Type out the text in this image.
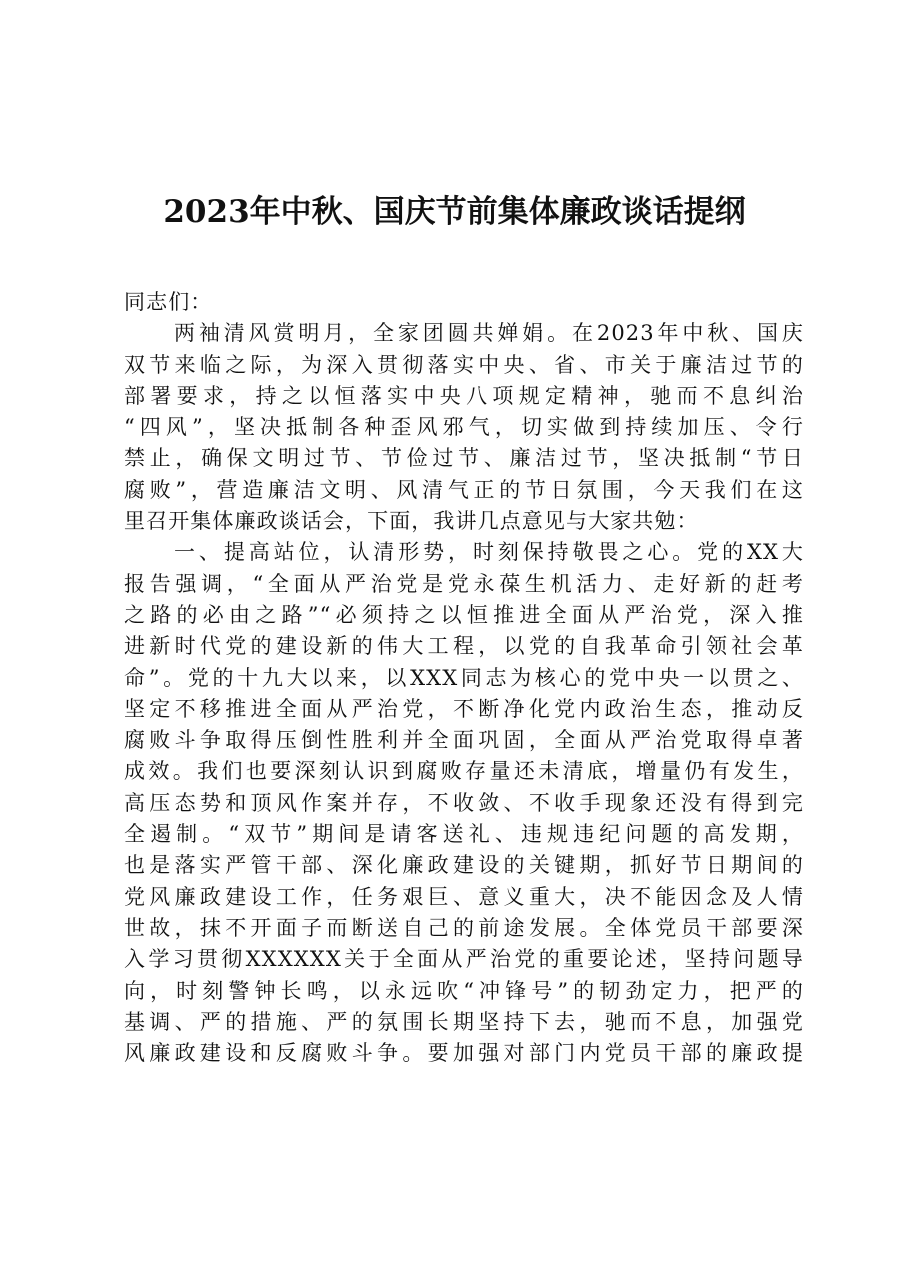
2023年中秋、国庆节前集体廉政谈话提纲
同志们：
两袖清风赏明月，全家团圆共婵娟。在2023年中秋、国庆
双节来临之际，为深入贯彻落实中央、省、市关于廉洁过节的
部署要求，持之以恒落实中央八项规定精神，驰而不息纠治
“四风”，坚决抵制各种歪风邪气，切实做到持续加压、令行
禁止，确保文明过节、节俭过节、廉洁过节，坚决抵制“节日
腐败”，营造廉洁文明、风清气正的节日氛围，今天我们在这
里召开集体廉政谈话会，下面，我讲几点意见与大家共勉：
一、提高站位，认清形势，时刻保持敬畏之心。党的XX大
报告强调，“全面从严治党是党永葆生机活力、走好新的赶考
之路的必由之路”“必须持之以恒推进全面从严治党，深入推
进新时代党的建设新的伟大工程，以党的自我革命引领社会革
命”。党的十九大以来，以XXX同志为核心的党中央一以贯之、
坚定不移推进全面从严治党，不断净化党内政治生态，推动反
腐败斗争取得压倒性胜利并全面巩固，全面从严治党取得卓著
成效。我们也要深刻认识到腐败存量还未清底，增量仍有发生，
高压态势和顶风作案并存，不收敛、不收手现象还没有得到完
全遏制。“双节”期间是请客送礼、违规违纪问题的高发期，
也是落实严管干部、深化廉政建设的关键期，抓好节日期间的
党风廉政建设工作，任务艰巨、意义重大，决不能因念及人情
世故，抹不开面子而断送自己的前途发展。全体党员干部要深
入学习贯彻XXXXXX关于全面从严治党的重要论述，坚持问题导
向，时刻警钟长鸣，以永远吹“冲锋号”的韧劲定力，把严的
基调、严的措施、严的氛围长期坚持下去，驰而不息，加强党
风廉政建设和反腐败斗争。要加强对部门内党员干部的廉政提
